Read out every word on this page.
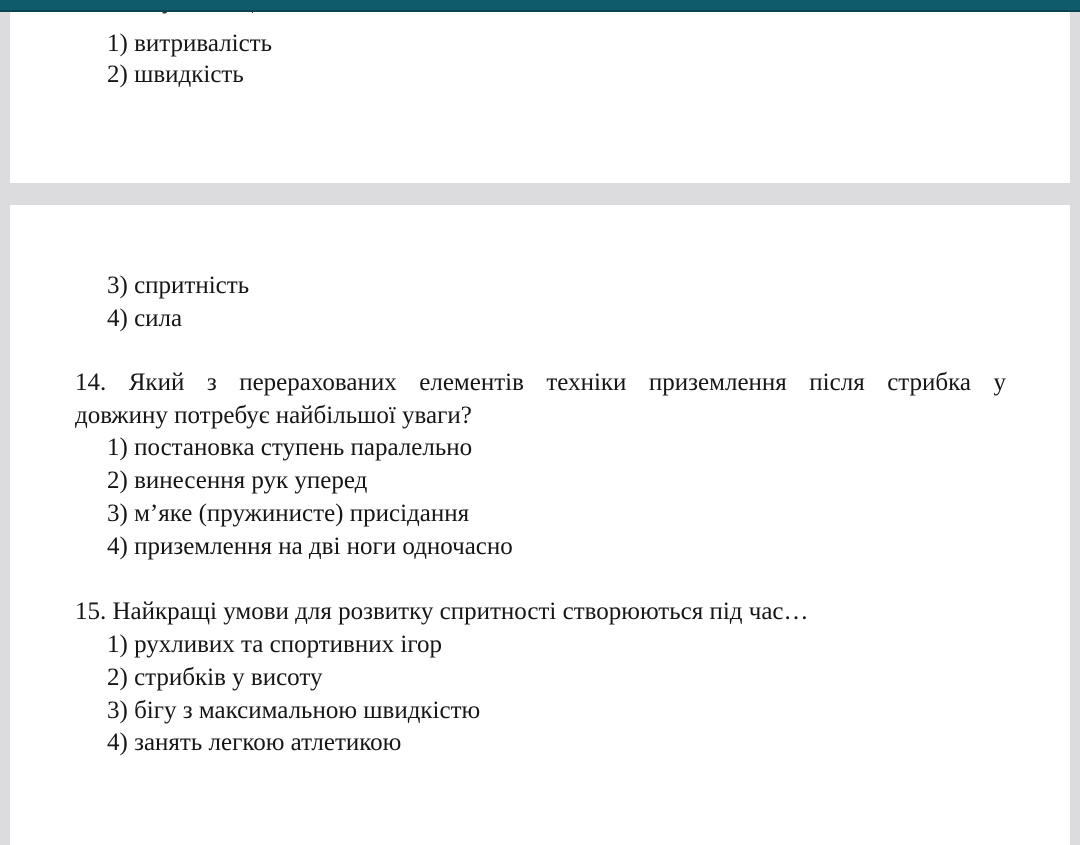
1) витривалість
2) швидкість
3) спритність
4) сила
14. Який з перерахованих елементів техніки приземлення після стрибка у
довжину потребує найбільшої уваги?
1) постановка ступень паралельно
2) винесення рук уперед
3) м’яке (пружинисте) присідання
4) приземлення на дві ноги одночасно
15. Найкращі умови для розвитку спритності створюються під час…
1) рухливих та спортивних ігор
2) стрибків у висоту
3) бігу з максимальною швидкістю
4) занять легкою атлетикою
